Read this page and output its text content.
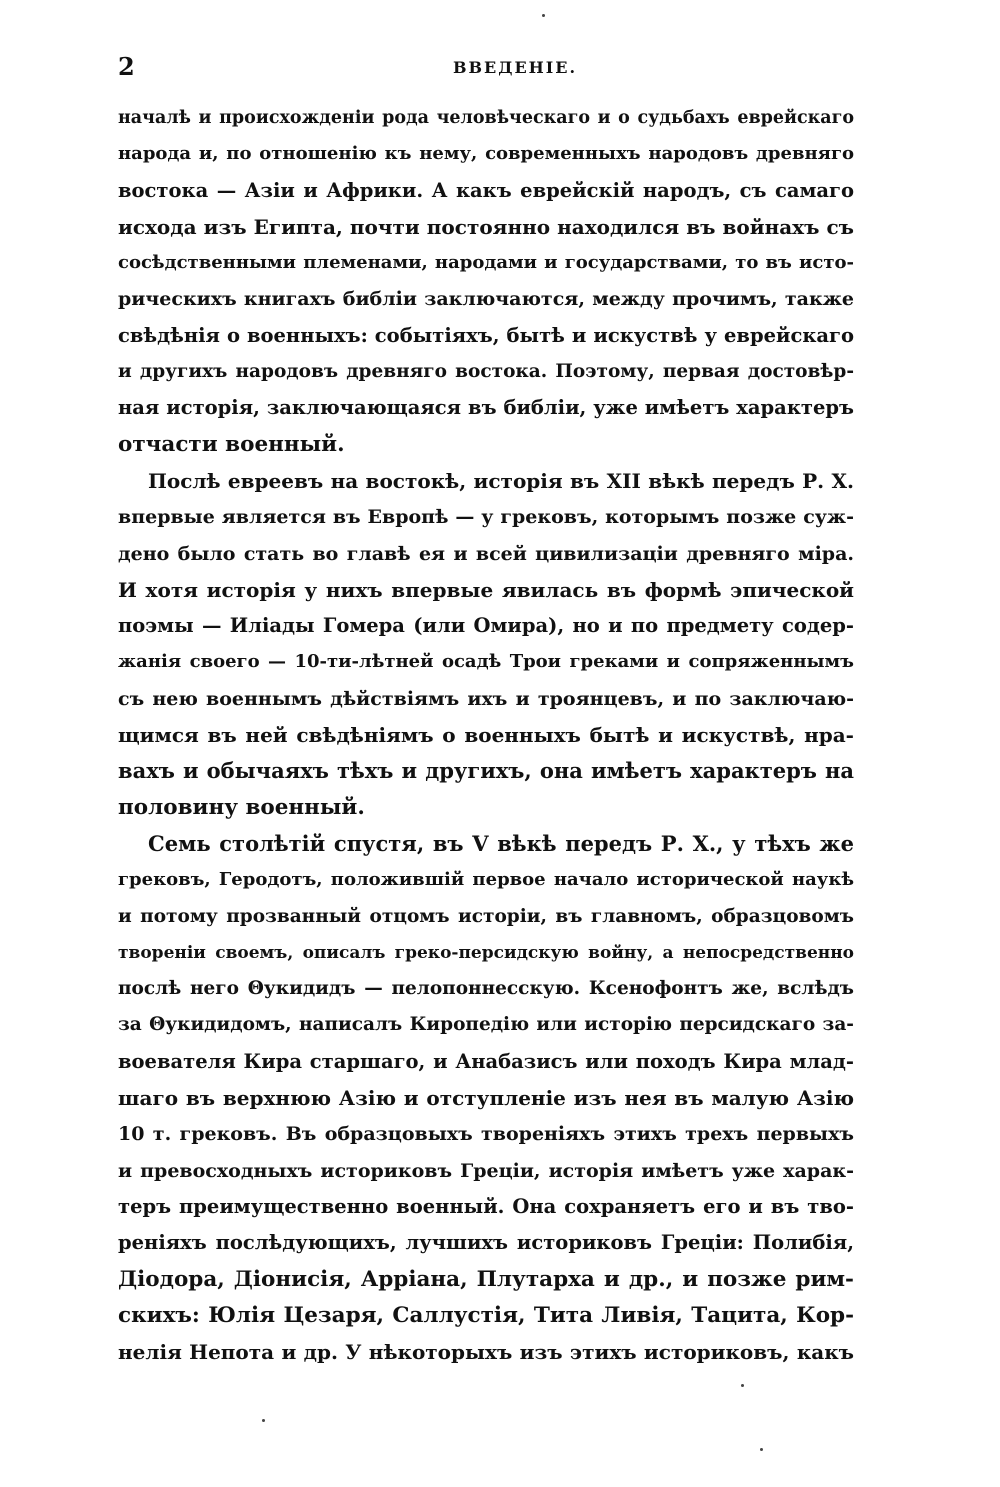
2	ВВЕДЕНІЕ.
началѣ и происхожденіи рода человѣческаго и о судьбахъ еврейскаго
народа и, по отношенію къ нему, современныхъ народовъ древняго
востока — Азіи и Африки. А какъ еврейскій народъ, съ самаго
исхода изъ Египта, почти постоянно находился въ войнахъ съ
сосѣдственными племенами, народами и государствами, то въ исто-
рическихъ книгахъ библіи заключаются, между прочимъ, также
свѣдѣнія о военныхъ: событіяхъ, бытѣ и искуствѣ у еврейскаго
и другихъ народовъ древняго востока. Поэтому, первая достовѣр-
ная исторія, заключающаяся въ библіи, уже имѣетъ характеръ
отчасти военный.
Послѣ евреевъ на востокѣ, исторія въ XII вѣкѣ передъ Р. Х.
впервые является въ Европѣ — у грековъ, которымъ позже суж-
дено было стать во главѣ ея и всей цивилизаціи древняго міра.
И хотя исторія у нихъ впервые явилась въ формѣ эпической
поэмы — Иліады Гомера (или Омира), но и по предмету содер-
жанія своего — 10-ти-лѣтней осадѣ Трои греками и сопряженнымъ
съ нею военнымъ дѣйствіямъ ихъ и троянцевъ, и по заключаю-
щимся въ ней свѣдѣніямъ о военныхъ бытѣ и искуствѣ, нра-
вахъ и обычаяхъ тѣхъ и другихъ, она имѣетъ характеръ на
половину военный.
Семь столѣтій спустя, въ V вѣкѣ передъ Р. Х., у тѣхъ же
грековъ, Геродотъ, положившій первое начало исторической наукѣ
и потому прозванный отцомъ исторіи, въ главномъ, образцовомъ
твореніи своемъ, описалъ греко-персидскую войну, а непосредственно
послѣ него Θукидидъ — пелопоннесскую. Ксенофонтъ же, вслѣдъ
за Θукидидомъ, написалъ Киропедію или исторію персидскаго за-
воевателя Кира старшаго, и Анабазисъ или походъ Кира млад-
шаго въ верхнюю Азію и отступленіе изъ нея въ малую Азію
10 т. грековъ. Въ образцовыхъ твореніяхъ этихъ трехъ первыхъ
и превосходныхъ историковъ Греціи, исторія имѣетъ уже харак-
теръ преимущественно военный. Она сохраняетъ его и въ тво-
реніяхъ послѣдующихъ, лучшихъ историковъ Греціи: Полибія,
Діодора, Діонисія, Арріана, Плутарха и др., и позже рим-
скихъ: Юлія Цезаря, Саллустія, Тита Ливія, Тацита, Кор-
нелія Непота и др. У нѣкоторыхъ изъ этихъ историковъ, какъ
